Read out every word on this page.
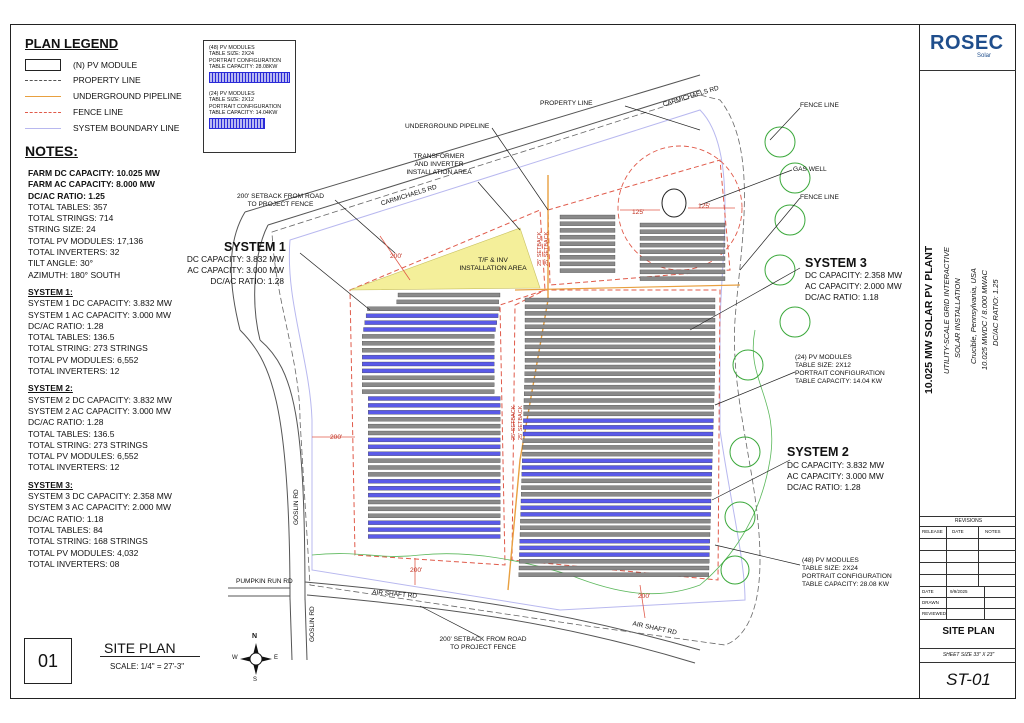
PLAN LEGEND
(N) PV MODULE
PROPERTY LINE
UNDERGROUND PIPELINE
FENCE LINE
SYSTEM BOUNDARY LINE
(48) PV MODULES
TABLE SIZE: 2X24
PORTRAIT CONFIGURATION
TABLE CAPACITY: 28.08KW
(24) PV MODULES
TABLE SIZE: 2X12
PORTRAIT CONFIGURATION
TABLE CAPACITY: 14.04KW
NOTES:
FARM DC CAPACITY: 10.025 MW
FARM AC CAPACITY: 8.000 MW
DC/AC RATIO: 1.25
TOTAL TABLES: 357
TOTAL STRINGS: 714
STRING SIZE: 24
TOTAL PV MODULES: 17,136
TOTAL INVERTERS: 32
TILT ANGLE: 30°
AZIMUTH: 180° SOUTH
SYSTEM 1:
SYSTEM 1 DC CAPACITY: 3.832 MW
SYSTEM 1 AC CAPACITY: 3.000 MW
DC/AC RATIO: 1.28
TOTAL TABLES: 136.5
TOTAL STRING: 273 STRINGS
TOTAL PV MODULES: 6,552
TOTAL INVERTERS: 12
SYSTEM 2:
SYSTEM 2 DC CAPACITY: 3.832 MW
SYSTEM 2 AC CAPACITY: 3.000 MW
DC/AC RATIO: 1.28
TOTAL TABLES: 136.5
TOTAL STRING: 273 STRINGS
TOTAL PV MODULES: 6,552
TOTAL INVERTERS: 12
SYSTEM 3:
SYSTEM 3 DC CAPACITY: 2.358 MW
SYSTEM 3 AC CAPACITY: 2.000 MW
DC/AC RATIO: 1.18
TOTAL TABLES: 84
TOTAL STRING: 168 STRINGS
TOTAL PV MODULES: 4,032
TOTAL INVERTERS: 08
SYSTEM 1
DC CAPACITY: 3.832 MW
AC CAPACITY: 3.000 MW
DC/AC RATIO: 1.28
SYSTEM 3
DC CAPACITY: 2.358 MW
AC CAPACITY: 2.000 MW
DC/AC RATIO: 1.18
SYSTEM 2
DC CAPACITY: 3.832 MW
AC CAPACITY: 3.000 MW
DC/AC RATIO: 1.28
PROPERTY LINE
UNDERGROUND PIPELINE
TRANSFORMER
AND INVERTER
INSTALLATION AREA
200' SETBACK FROM ROAD
TO PROJECT FENCE
FENCE LINE
GAS WELL
FENCE LINE
T/F & INV
INSTALLATION AREA
(24) PV MODULES
TABLE SIZE: 2X12
PORTRAIT CONFIGURATION
TABLE CAPACITY: 14.04 KW
(48) PV MODULES
TABLE SIZE: 2X24
PORTRAIT CONFIGURATION
TABLE CAPACITY: 28.08 KW
200' SETBACK FROM ROAD
TO PROJECT FENCE
CARMICHAELS RD
CARMICHAELS RD
GOSLIN RD
GOSLIN RD
PUMPKIN RUN RD
AIR SHAFT RD
AIR SHAFT RD
200'
200'
200'
200'
125'
125'
25' SETBACK 25' SETBACK
25' SETBACK 25' SETBACK
01
SITE PLAN
SCALE: 1/4" = 27'-3"
N
S
E
W
ROSEC
Solar
10.025 MW SOLAR PV PLANT UTILITY-SCALE GRID INTERACTIVE SOLAR INSTALLATION Crucible, Pennsylvania, USA 10.025 MWDC / 8.000 MWAC DC/AC RATIO: 1.25
REVISIONS
RELEASE DATE	NOTES
DATE	9/9/2025
DRAWN
REVIEWED
SITE PLAN
SHEET SIZE 33" X 23"
ST-01
